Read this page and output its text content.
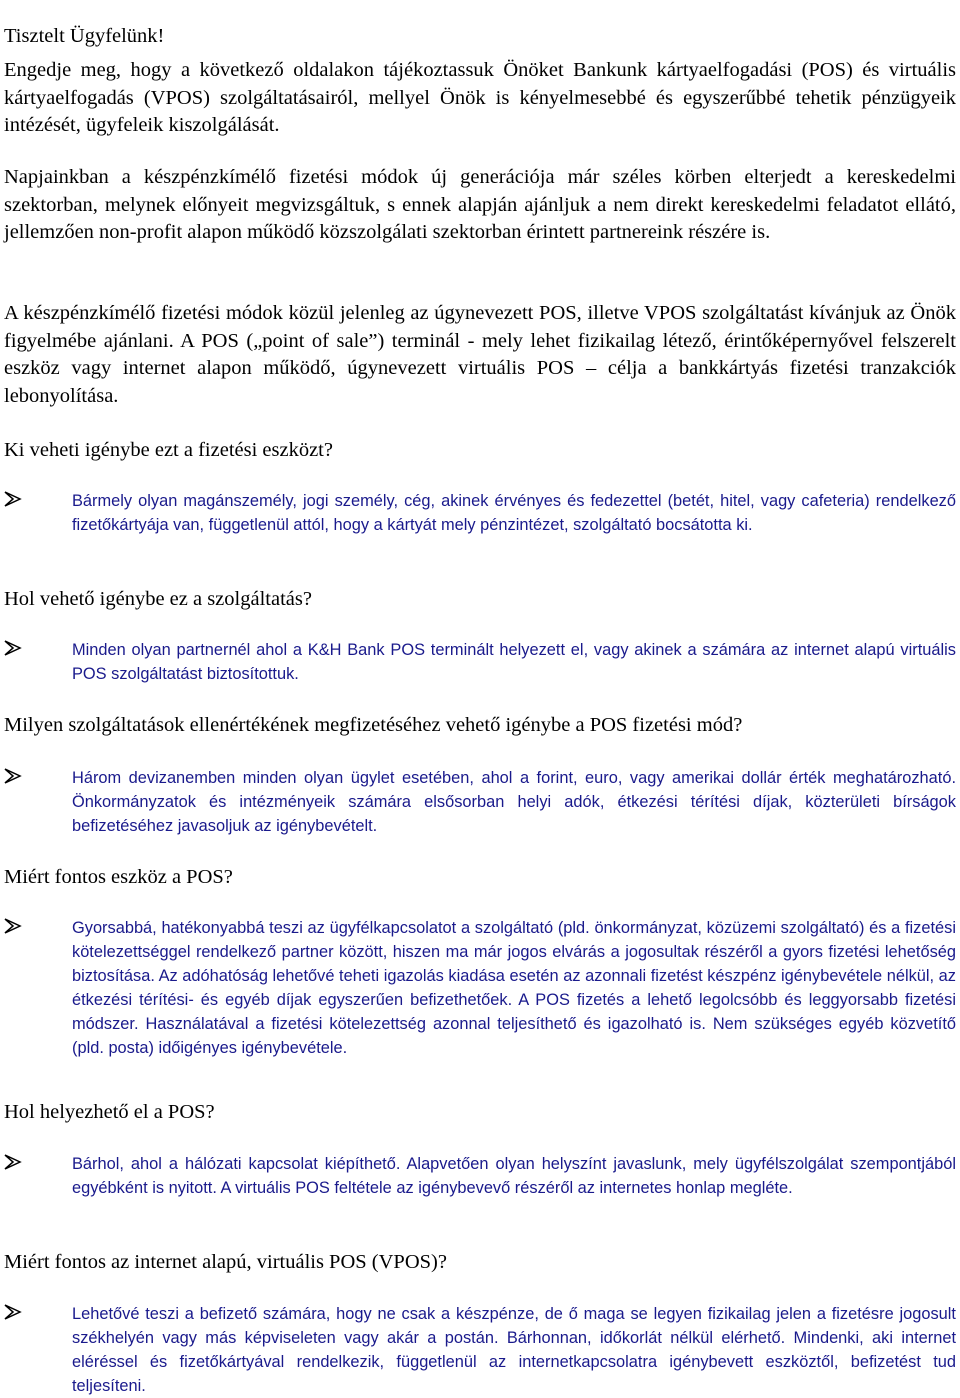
Tisztelt Ügyfelünk!

Engedje meg, hogy a következő oldalakon tájékoztassuk Önöket Bankunk kártyaelfogadási (POS) és virtuális kártyaelfogadás (VPOS) szolgáltatásairól, mellyel Önök is kényelmesebbé és egyszerűbbé tehetik pénzügyeik intézését, ügyfeleik kiszolgálását.

Napjainkban a készpénzkímélő fizetési módok új generációja már széles körben elterjedt a kereskedelmi szektorban, melynek előnyeit megvizsgáltuk, s ennek alapján ajánljuk a nem direkt kereskedelmi feladatot ellátó, jellemzően non-profit alapon működő közszolgálati szektorban érintett partnereink részére is.

A készpénzkímélő fizetési módok közül jelenleg az úgynevezett POS, illetve VPOS szolgáltatást kívánjuk az Önök figyelmébe ajánlani. A POS („point of sale”) terminál - mely lehet fizikailag létező, érintőképernyővel felszerelt eszköz vagy internet alapon működő, úgynevezett virtuális POS – célja a bankkártyás fizetési tranzakciók lebonyolítása.

Ki veheti igénybe ezt a fizetési eszközt?

Bármely olyan magánszemély, jogi személy, cég, akinek érvényes és fedezettel (betét, hitel, vagy cafeteria) rendelkező fizetőkártyája van, függetlenül attól, hogy a kártyát mely pénzintézet, szolgáltató bocsátotta ki.

Hol vehető igénybe ez a szolgáltatás?

Minden olyan partnernél ahol a K&H Bank POS terminált helyezett el, vagy akinek a számára az internet alapú virtuális POS szolgáltatást biztosítottuk.

Milyen szolgáltatások ellenértékének megfizetéséhez vehető igénybe a POS fizetési mód?

Három devizanemben minden olyan ügylet esetében, ahol a forint, euro, vagy amerikai dollár érték meghatározható. Önkormányzatok és intézményeik számára elsősorban helyi adók, étkezési térítési díjak, közterületi bírságok befizetéséhez javasoljuk az igénybevételt.

Miért fontos eszköz a POS?

Gyorsabbá, hatékonyabbá teszi az ügyfélkapcsolatot a szolgáltató (pld. önkormányzat, közüzemi szolgáltató) és a fizetési kötelezettséggel rendelkező partner között, hiszen ma már jogos elvárás a jogosultak részéről a gyors fizetési lehetőség biztosítása. Az adóhatóság lehetővé teheti igazolás kiadása esetén az azonnali fizetést készpénz igénybevétele nélkül, az étkezési térítési- és egyéb díjak egyszerűen befizethetőek. A POS fizetés a lehető legolcsóbb és leggyorsabb fizetési módszer. Használatával a fizetési kötelezettség azonnal teljesíthető és igazolható is. Nem szükséges egyéb közvetítő (pld. posta) időigényes igénybevétele.

Hol helyezhető el a POS?

Bárhol, ahol a hálózati kapcsolat kiépíthető. Alapvetően olyan helyszínt javaslunk, mely ügyfélszolgálat szempontjából egyébként is nyitott. A virtuális POS feltétele az igénybevevő részéről az internetes honlap megléte.

Miért fontos az internet alapú, virtuális POS (VPOS)?

Lehetővé teszi a befizető számára, hogy ne csak a készpénze, de ő maga se legyen fizikailag jelen a fizetésre jogosult székhelyén vagy más képviseleten vagy akár a postán. Bárhonnan, időkorlát nélkül elérhető. Mindenki, aki internet eléréssel és fizetőkártyával rendelkezik, függetlenül az internetkapcsolatra igénybevett eszköztől, befizetést tud teljesíteni.
